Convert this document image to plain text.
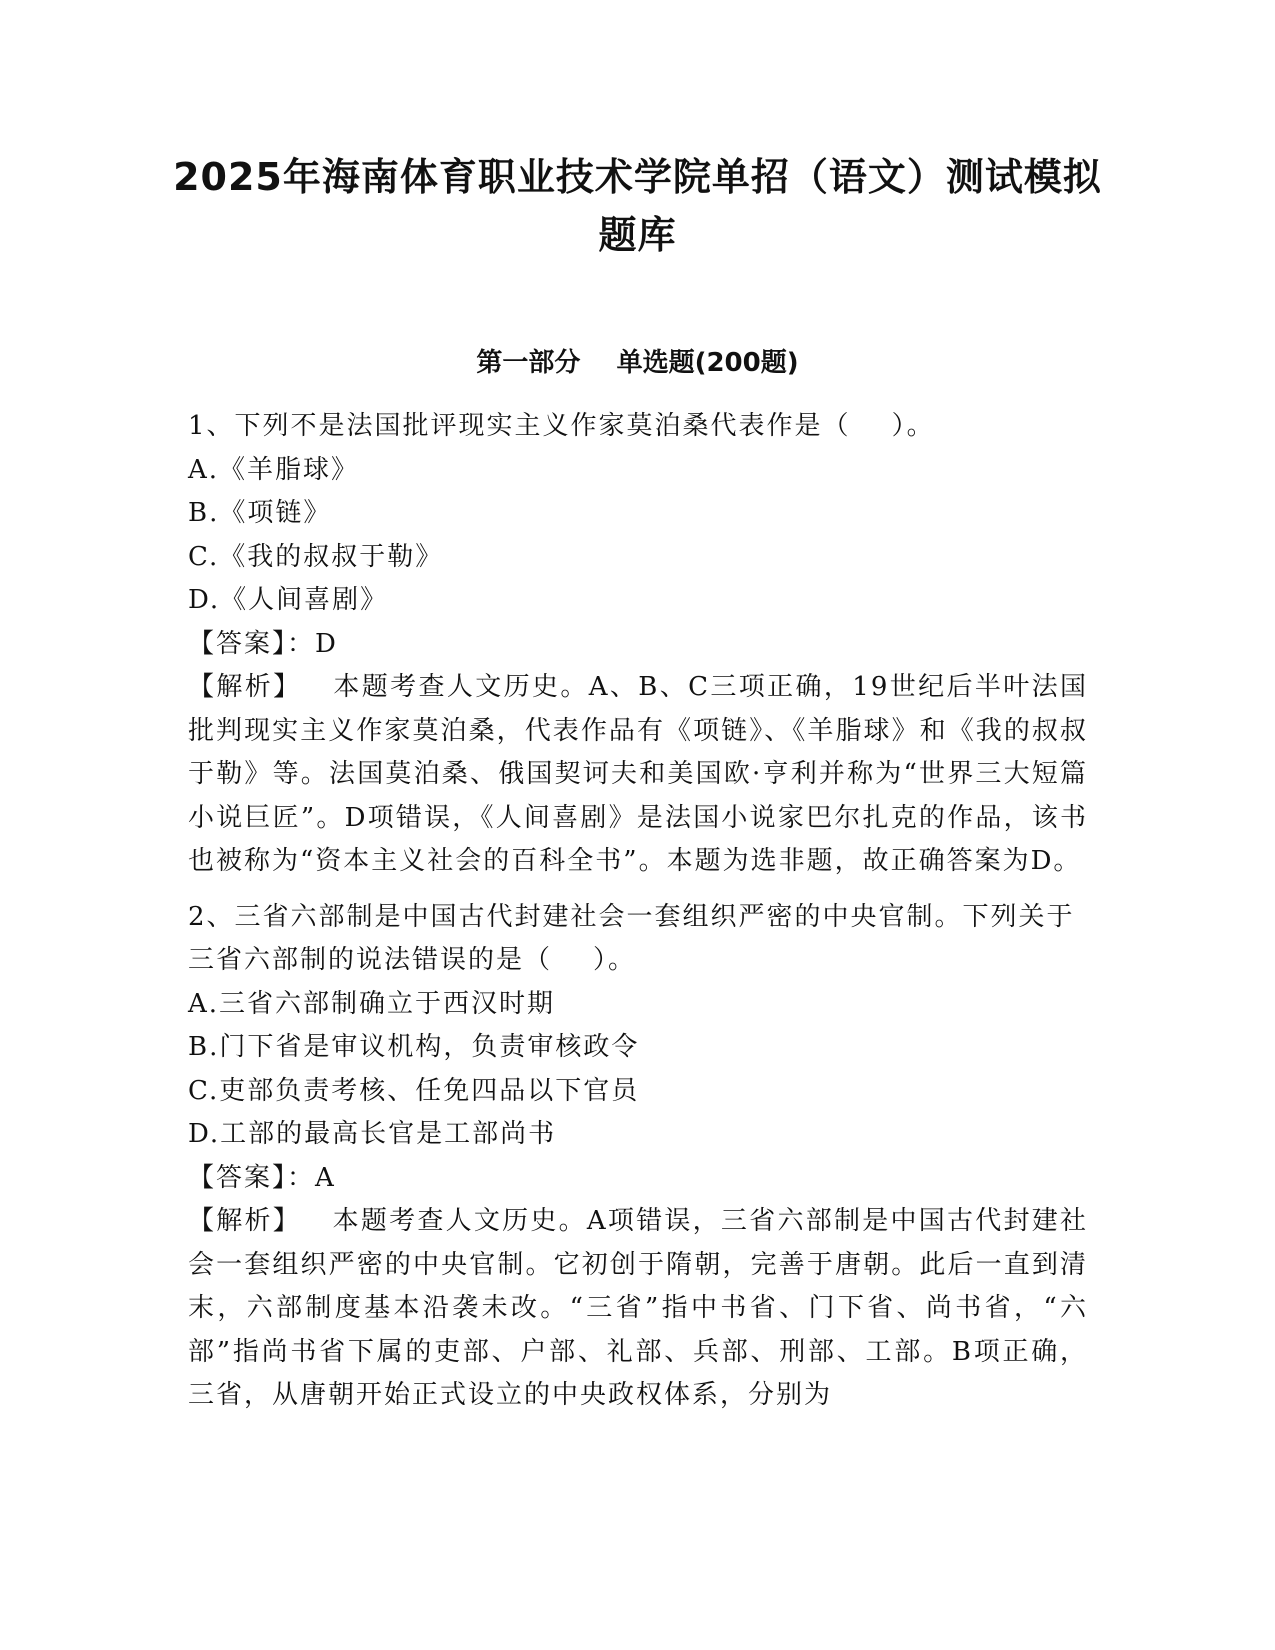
2025年海南体育职业技术学院单招（语文）测试模拟题库
第一部分    单选题(200题)

1、下列不是法国批评现实主义作家莫泊桑代表作是（    ）。

A.《羊脂球》

B.《项链》

C.《我的叔叔于勒》

D.《人间喜剧》

【答案】：D

【解析】   本题考查人文历史。A、B、C三项正确，19世纪后半叶法国批判现实主义作家莫泊桑，代表作品有《项链》、《羊脂球》和《我的叔叔于勒》等。法国莫泊桑、俄国契诃夫和美国欧·亨利并称为“世界三大短篇小说巨匠”。D项错误，《人间喜剧》是法国小说家巴尔扎克的作品，该书也被称为“资本主义社会的百科全书”。本题为选非题，故正确答案为D。

2、三省六部制是中国古代封建社会一套组织严密的中央官制。下列关于三省六部制的说法错误的是（    ）。

A.三省六部制确立于西汉时期

B.门下省是审议机构，负责审核政令

C.吏部负责考核、任免四品以下官员

D.工部的最高长官是工部尚书

【答案】：A

【解析】   本题考查人文历史。A项错误，三省六部制是中国古代封建社会一套组织严密的中央官制。它初创于隋朝，完善于唐朝。此后一直到清末，六部制度基本沿袭未改。“三省”指中书省、门下省、尚书省，“六部”指尚书省下属的吏部、户部、礼部、兵部、刑部、工部。B项正确，三省，从唐朝开始正式设立的中央政权体系，分别为
